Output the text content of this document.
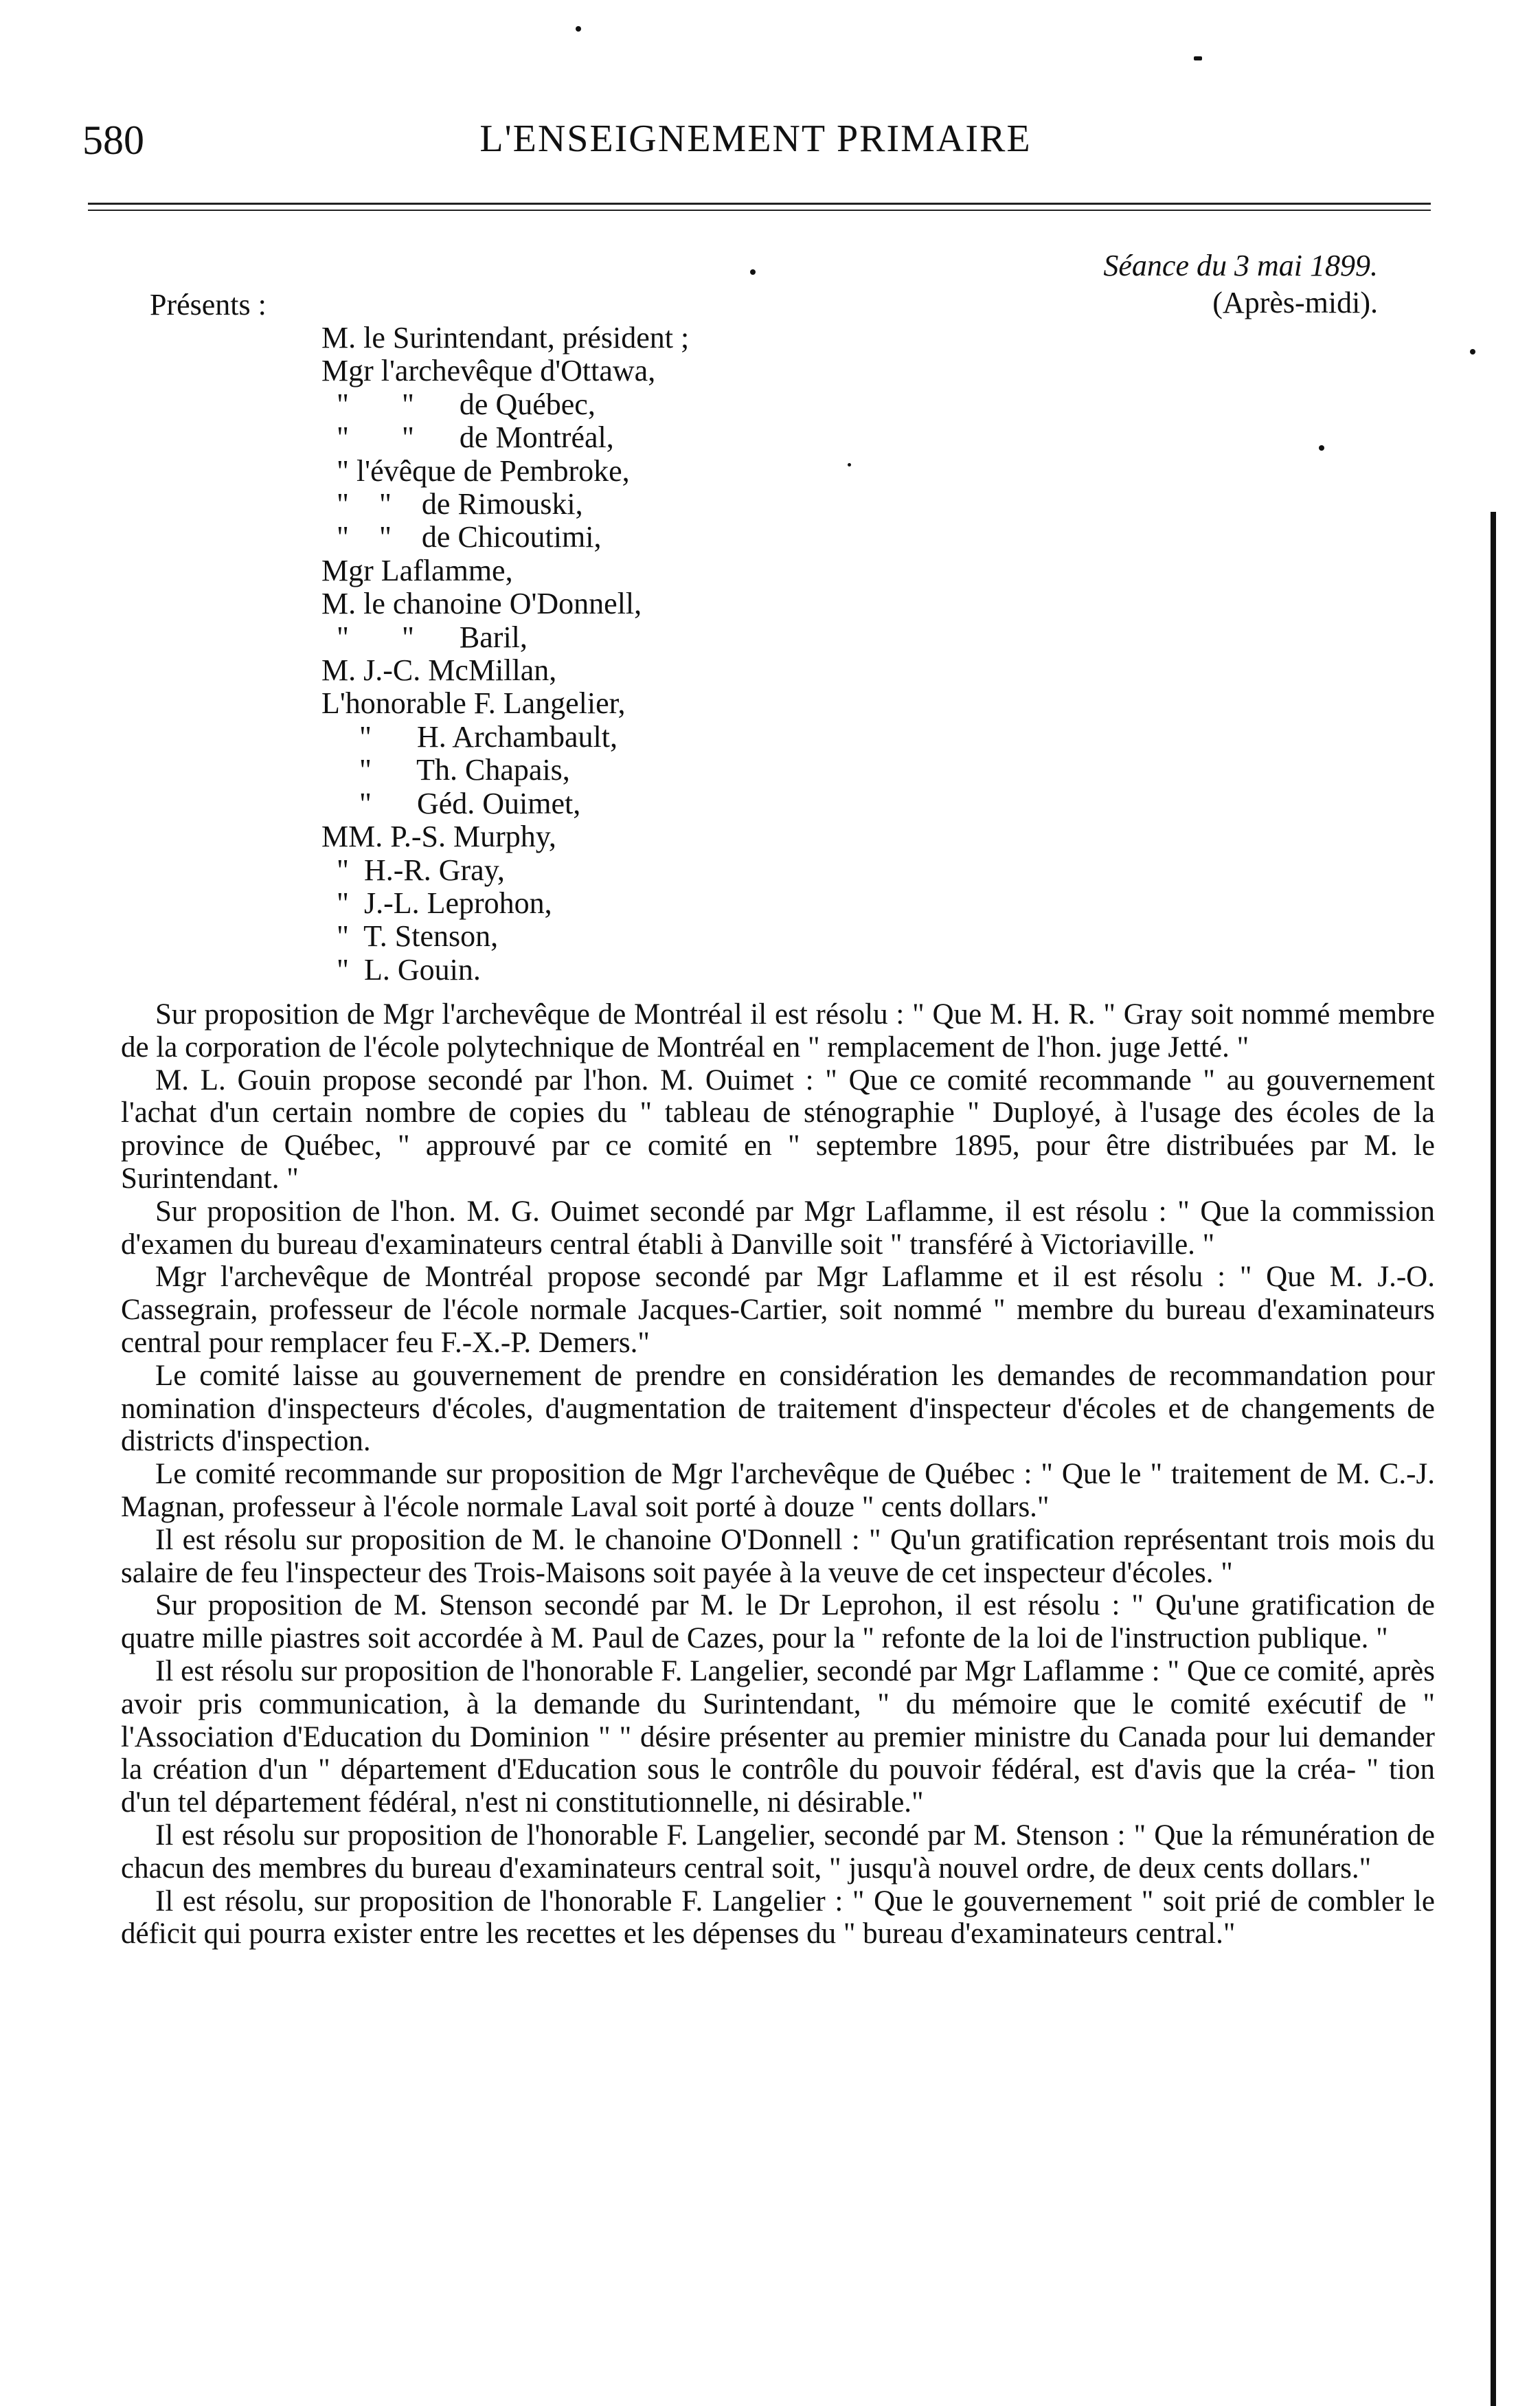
580	L'ENSEIGNEMENT PRIMAIRE
Séance du 3 mai 1899.
(Après-midi).
Présents :
M. le Surintendant, président ;
Mgr l'archevêque d'Ottawa,
"       "      de Québec,
"       "      de Montréal,
" l'évêque de Pembroke,
"    "    de Rimouski,
"    "    de Chicoutimi,
Mgr Laflamme,
M. le chanoine O'Donnell,
"       "      Baril,
M. J.-C. McMillan,
L'honorable F. Langelier,
"      H. Archambault,
"      Th. Chapais,
"      Géd. Ouimet,
MM. P.-S. Murphy,
"  H.-R. Gray,
"  J.-L. Leprohon,
"  T. Stenson,
"  L. Gouin.

Sur proposition de Mgr l'archevêque de Montréal il est résolu : " Que M. H. R. " Gray soit nommé membre de la corporation de l'école polytechnique de Montréal en " remplacement de l'hon. juge Jetté. "

M. L. Gouin propose secondé par l'hon. M. Ouimet : " Que ce comité recommande " au gouvernement l'achat d'un certain nombre de copies du " tableau de sténographie " Duployé, à l'usage des écoles de la province de Québec, " approuvé par ce comité en " septembre 1895, pour être distribuées par M. le Surintendant. "

Sur proposition de l'hon. M. G. Ouimet secondé par Mgr Laflamme, il est résolu : " Que la commission d'examen du bureau d'examinateurs central établi à Danville soit " transféré à Victoriaville. "

Mgr l'archevêque de Montréal propose secondé par Mgr Laflamme et il est résolu : " Que M. J.-O. Cassegrain, professeur de l'école normale Jacques-Cartier, soit nommé " membre du bureau d'examinateurs central pour remplacer feu F.-X.-P. Demers."

Le comité laisse au gouvernement de prendre en considération les demandes de recommandation pour nomination d'inspecteurs d'écoles, d'augmentation de traitement d'inspecteur d'écoles et de changements de districts d'inspection.

Le comité recommande sur proposition de Mgr l'archevêque de Québec : " Que le " traitement de M. C.-J. Magnan, professeur à l'école normale Laval soit porté à douze " cents dollars."

Il est résolu sur proposition de M. le chanoine O'Donnell : " Qu'un gratification représentant trois mois du salaire de feu l'inspecteur des Trois-Maisons soit payée à la veuve de cet inspecteur d'écoles. "

Sur proposition de M. Stenson secondé par M. le Dr Leprohon, il est résolu : " Qu'une gratification de quatre mille piastres soit accordée à M. Paul de Cazes, pour la " refonte de la loi de l'instruction publique. "

Il est résolu sur proposition de l'honorable F. Langelier, secondé par Mgr Laflamme : " Que ce comité, après avoir pris communication, à la demande du Surintendant, " du mémoire que le comité exécutif de " l'Association d'Education du Dominion " " désire présenter au premier ministre du Canada pour lui demander la création d'un " département d'Education sous le contrôle du pouvoir fédéral, est d'avis que la créa- " tion d'un tel département fédéral, n'est ni constitutionnelle, ni désirable."

Il est résolu sur proposition de l'honorable F. Langelier, secondé par M. Stenson : " Que la rémunération de chacun des membres du bureau d'examinateurs central soit, " jusqu'à nouvel ordre, de deux cents dollars."

Il est résolu, sur proposition de l'honorable F. Langelier : " Que le gouvernement " soit prié de combler le déficit qui pourra exister entre les recettes et les dépenses du " bureau d'examinateurs central."
